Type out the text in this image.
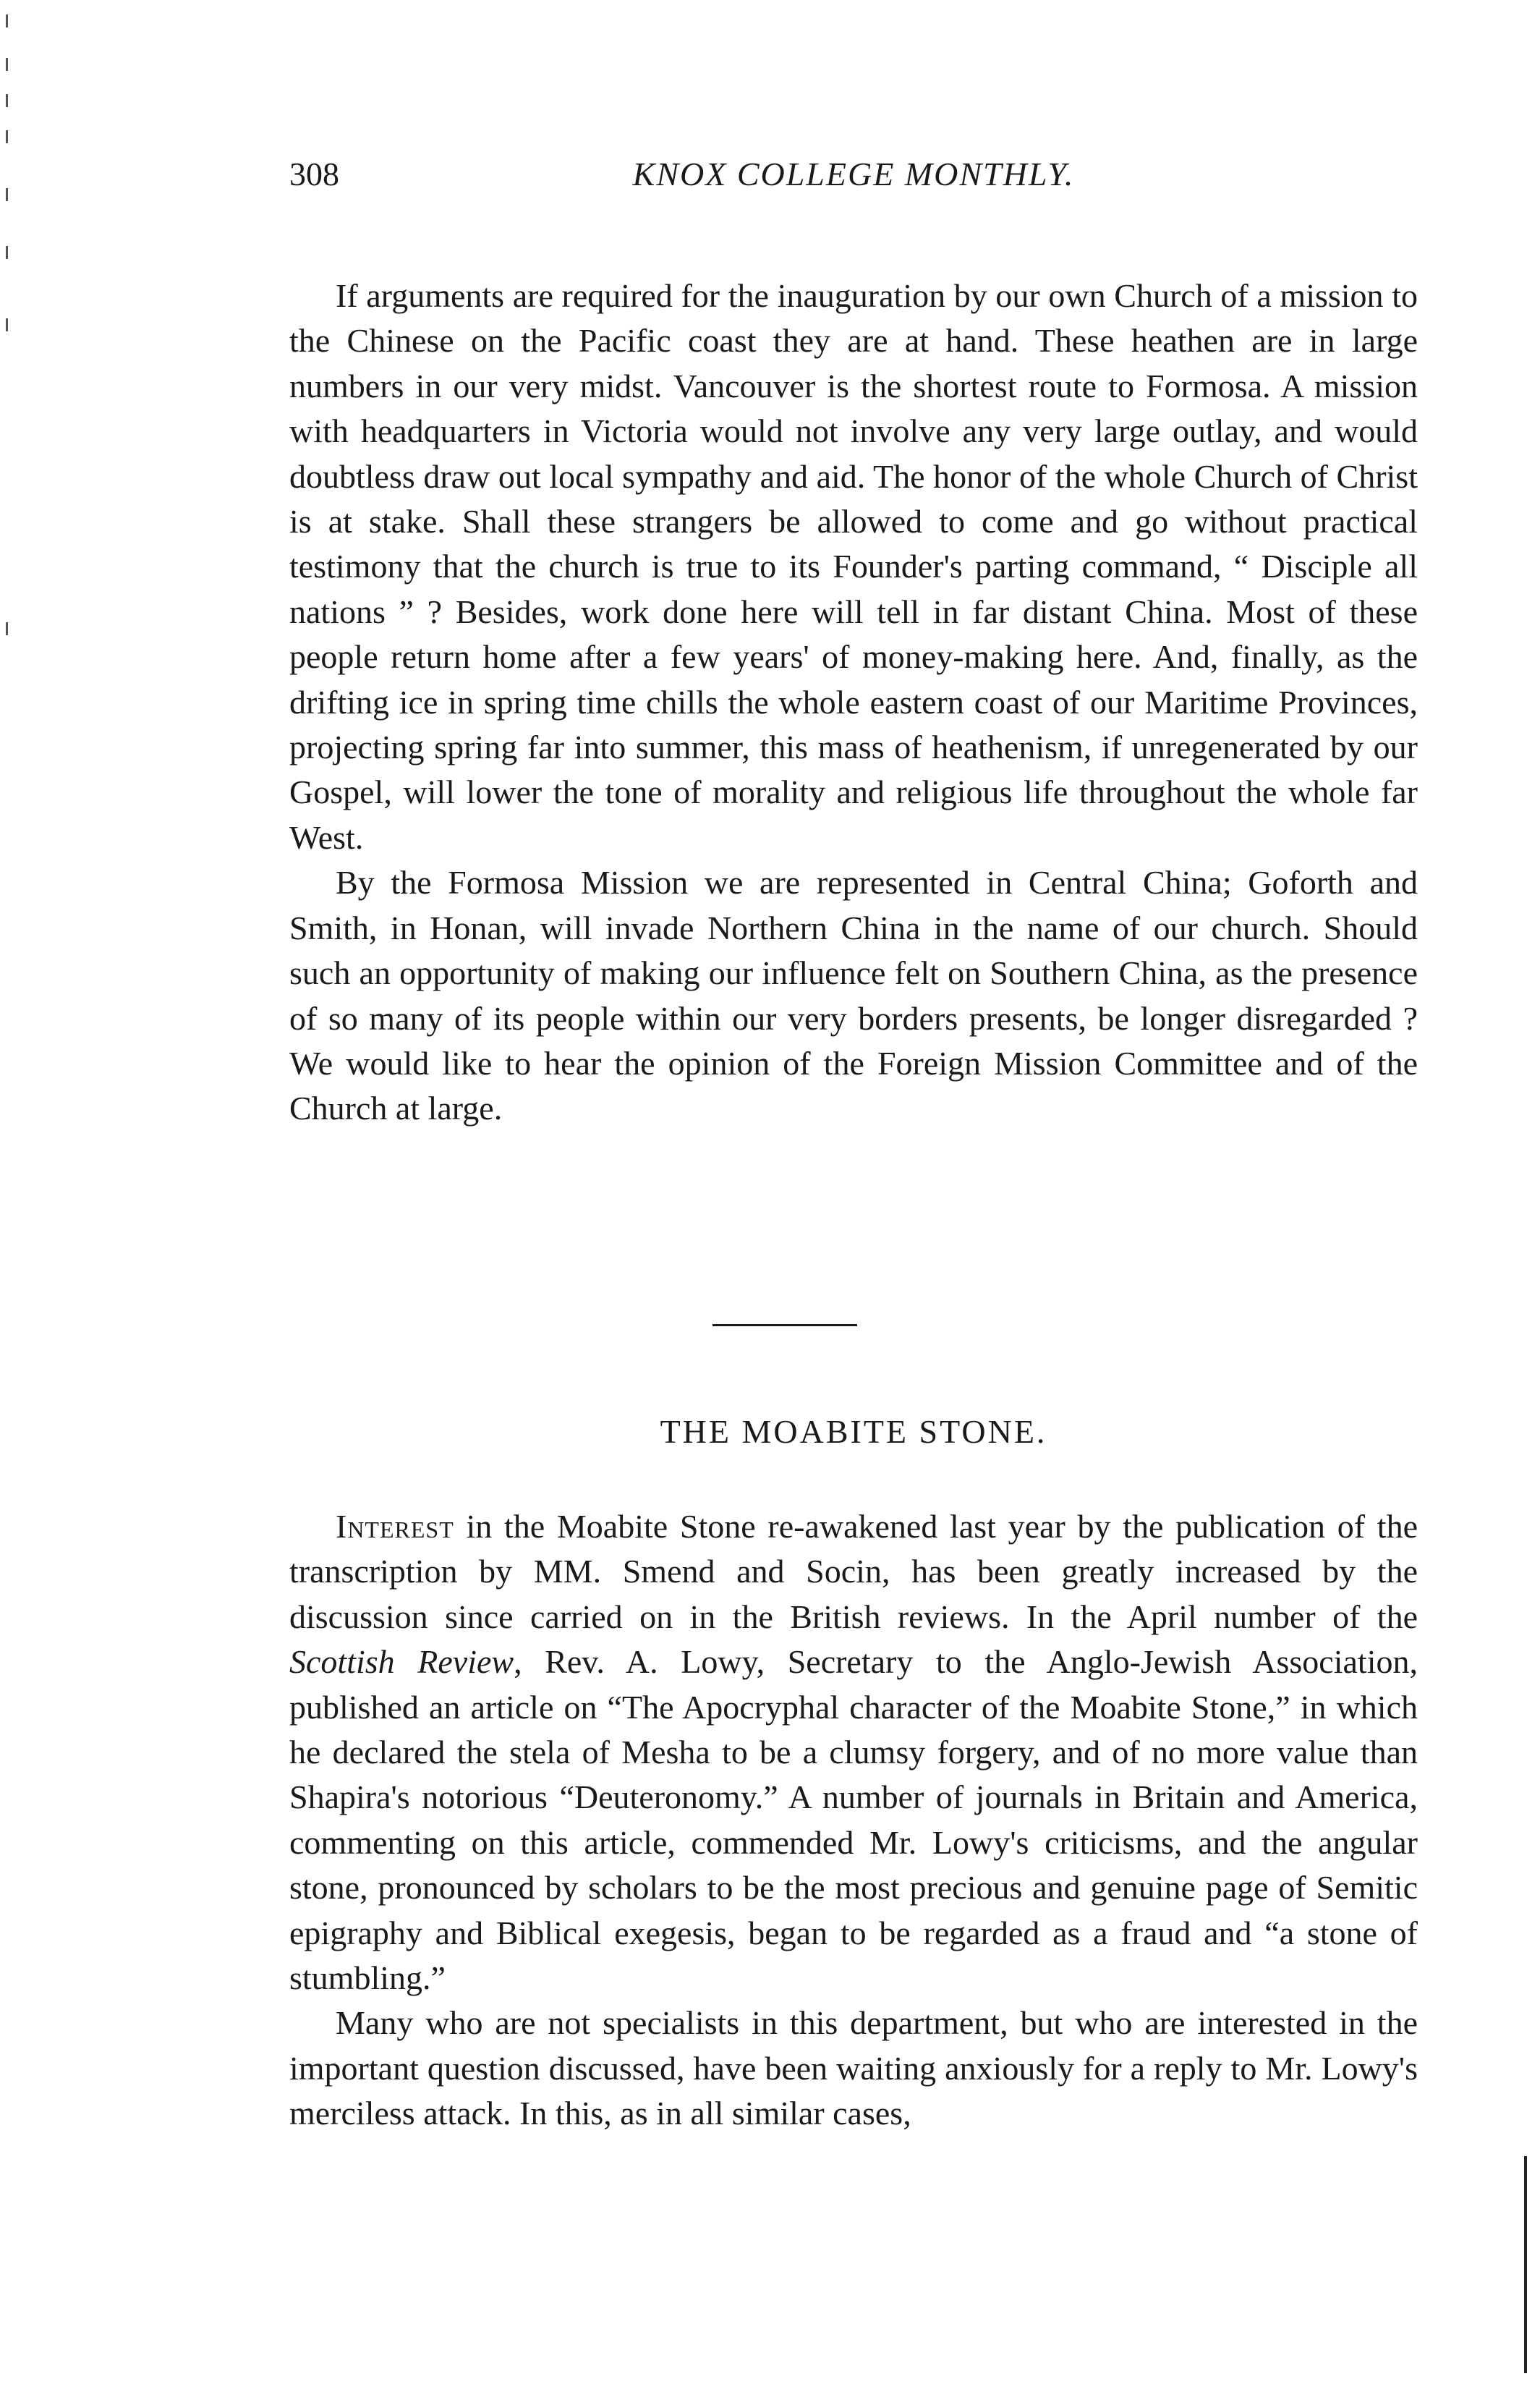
308	KNOX COLLEGE MONTHLY.

If arguments are required for the inauguration by our own Church of a mission to the Chinese on the Pacific coast they are at hand. These heathen are in large numbers in our very midst. Vancouver is the shortest route to Formosa. A mission with headquarters in Victoria would not involve any very large outlay, and would doubtless draw out local sympathy and aid. The honor of the whole Church of Christ is at stake. Shall these strangers be allowed to come and go without practical testimony that the church is true to its Founder's parting command, “ Disciple all nations ” ? Besides, work done here will tell in far distant China. Most of these people return home after a few years' of money-making here. And, finally, as the drifting ice in spring time chills the whole eastern coast of our Maritime Provinces, projecting spring far into summer, this mass of heathenism, if unregenerated by our Gospel, will lower the tone of morality and religious life throughout the whole far West.

By the Formosa Mission we are represented in Central China; Goforth and Smith, in Honan, will invade Northern China in the name of our church. Should such an opportunity of making our influence felt on Southern China, as the presence of so many of its people within our very borders presents, be longer disregarded ? We would like to hear the opinion of the Foreign Mission Committee and of the Church at large.

THE MOABITE STONE.

Interest in the Moabite Stone re-awakened last year by the publication of the transcription by MM. Smend and Socin, has been greatly increased by the discussion since carried on in the British reviews. In the April number of the Scottish Review, Rev. A. Lowy, Secretary to the Anglo-Jewish Association, published an article on “The Apocryphal character of the Moabite Stone,” in which he declared the stela of Mesha to be a clumsy forgery, and of no more value than Shapira's notorious “Deuteronomy.” A number of journals in Britain and America, commenting on this article, commended Mr. Lowy's criticisms, and the angular stone, pronounced by scholars to be the most precious and genuine page of Semitic epigraphy and Biblical exegesis, began to be regarded as a fraud and “a stone of stumbling.”

Many who are not specialists in this department, but who are interested in the important question discussed, have been waiting anxiously for a reply to Mr. Lowy's merciless attack. In this, as in all similar cases,
